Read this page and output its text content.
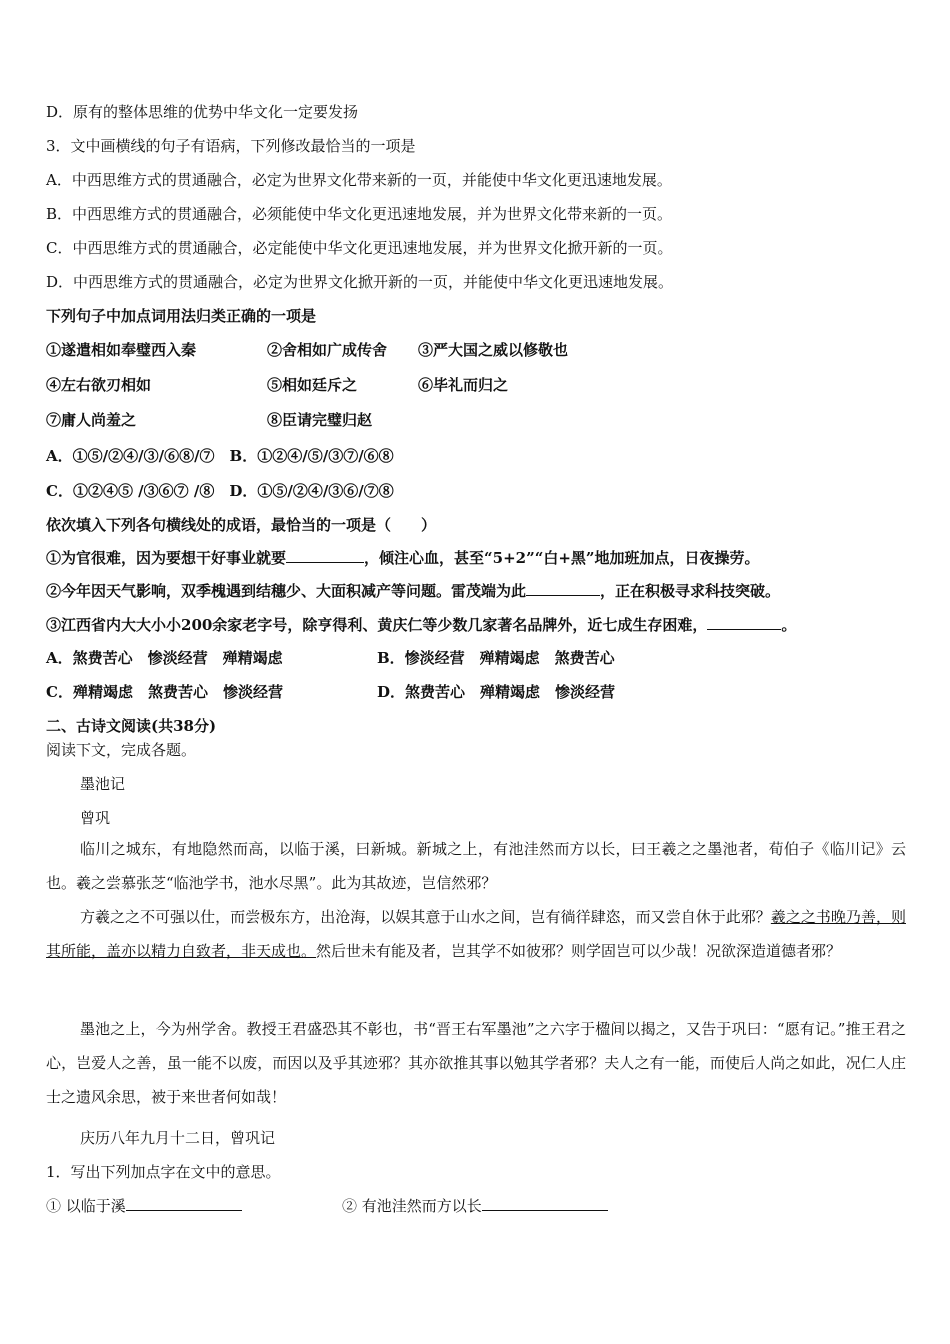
D．原有的整体思维的优势中华文化一定要发扬
3．文中画横线的句子有语病，下列修改最恰当的一项是
A．中西思维方式的贯通融合，必定为世界文化带来新的一页，并能使中华文化更迅速地发展。
B．中西思维方式的贯通融合，必须能使中华文化更迅速地发展，并为世界文化带来新的一页。
C．中西思维方式的贯通融合，必定能使中华文化更迅速地发展，并为世界文化掀开新的一页。
D．中西思维方式的贯通融合，必定为世界文化掀开新的一页，并能使中华文化更迅速地发展。
下列句子中加点词用法归类正确的一项是
①遂遣相如奉璧西入秦	②舍相如广成传舍 ③严大国之威以修敬也
④左右欲刃相如	⑤相如廷斥之	⑥毕礼而归之
⑦庸人尚羞之	⑧臣请完璧归赵
A．①⑤/②④/③/⑥⑧/⑦　B．①②④/⑤/③⑦/⑥⑧
C．①②④⑤ /③⑥⑦ /⑧　D．①⑤/②④/③⑥/⑦⑧
依次填入下列各句横线处的成语，最恰当的一项是（　　）
①为官很难，因为要想干好事业就要	，倾注心血，甚至“5+2”“白+黑”地加班加点，日夜操劳。
②今年因天气影响，双季槐遇到结穗少、大面积减产等问题。雷茂端为此	，正在积极寻求科技突破。
③江西省内大大小小200余家老字号，除亨得利、黄庆仁等少数几家著名品牌外，近七成生存困难，	。
A．煞费苦心　惨淡经营　殚精竭虑	B．惨淡经营　殚精竭虑　煞费苦心
C．殚精竭虑　煞费苦心　惨淡经营	D．煞费苦心　殚精竭虑　惨淡经营
二、古诗文阅读(共38分)
阅读下文，完成各题。
墨池记
曾巩
临川之城东，有地隐然而高，以临于溪，曰新城。新城之上，有池洼然而方以长，曰王羲之之墨池者，荀伯子《临川记》云也。羲之尝慕张芝“临池学书，池水尽黑”。此为其故迹，岂信然邪？
方羲之之不可强以仕，而尝极东方，出沧海，以娱其意于山水之间，岂有徜徉肆恣，而又尝自休于此邪？羲之之书晚乃善，则其所能，盖亦以精力自致者，非天成也。然后世未有能及者，岂其学不如彼邪？则学固岂可以少哉！况欲深造道德者邪？
墨池之上，今为州学舍。教授王君盛恐其不彰也，书“晋王右军墨池”之六字于楹间以揭之，又告于巩曰：“愿有记。”推王君之心，岂爱人之善，虽一能不以废，而因以及乎其迹邪？其亦欲推其事以勉其学者邪？夫人之有一能，而使后人尚之如此，况仁人庄士之遗风余思，被于来世者何如哉！
庆历八年九月十二日，曾巩记
1．写出下列加点字在文中的意思。
① 以临于溪	② 有池洼然而方以长
